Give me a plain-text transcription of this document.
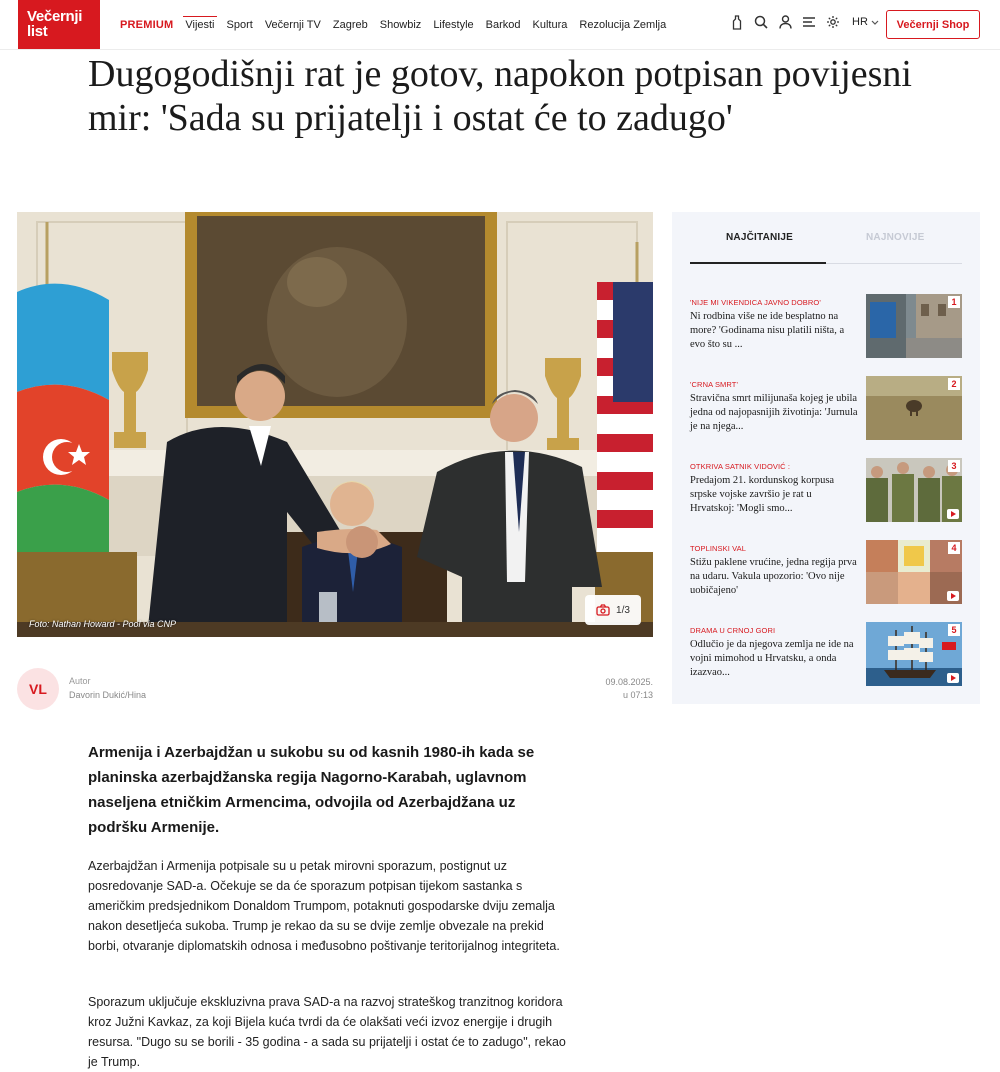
Večernji
list	PREMIUM Vijesti Sport Večernji TV Zagreb Showbiz Lifestyle Barkod Kultura Rezolucija Zemlja	HR	Večernji Shop
Dugogodišnji rat je gotov, napokon potpisan povijesni mir: 'Sada su prijatelji i ostat će to zadugo'
Foto: Nathan Howard - Pool via CNP
1/3
VL	Autor
Davorin Dukić/Hina
09.08.2025.
u 07:13

Armenija i Azerbajdžan u sukobu su od kasnih 1980-ih kada se planinska azerbajdžanska regija Nagorno-Karabah, uglavnom naseljena etničkim Armencima, odvojila od Azerbajdžana uz podršku Armenije.

Azerbajdžan i Armenija potpisale su u petak mirovni sporazum, postignut uz posredovanje SAD-a. Očekuje se da će sporazum potpisan tijekom sastanka s američkim predsjednikom Donaldom Trumpom, potaknuti gospodarske dviju zemalja nakon desetljeća sukoba. Trump je rekao da su se dvije zemlje obvezale na prekid borbi, otvaranje diplomatskih odnosa i međusobno poštivanje teritorijalnog integriteta.

Sporazum uključuje ekskluzivna prava SAD-a na razvoj strateškog tranzitnog koridora kroz Južni Kavkaz, za koji Bijela kuća tvrdi da će olakšati veći izvoz energije i drugih resursa. "Dugo su se borili - 35 godina - a sada su prijatelji i ostat će to zadugo", rekao je Trump.

NAJČITANIJE	NAJNOVIJE
'NIJE MI VIKENDICA JAVNO DOBRO'
Ni rodbina više ne ide besplatno na more? 'Godinama nisu platili ništa, a evo što su ...
1
'CRNA SMRT'
Stravična smrt milijunaša kojeg je ubila jedna od najopasnijih životinja: 'Jurnula je na njega...
2
OTKRIVA SATNIK VIDOVIĆ :
Predajom 21. kordunskog korpusa srpske vojske završio je rat u Hrvatskoj: 'Mogli smo...
3
TOPLINSKI VAL
Stižu paklene vrućine, jedna regija prva na udaru. Vakula upozorio: 'Ovo nije uobičajeno'
4
DRAMA U CRNOJ GORI
Odlučio je da njegova zemlja ne ide na vojni mimohod u Hrvatsku, a onda izazvao...
5
